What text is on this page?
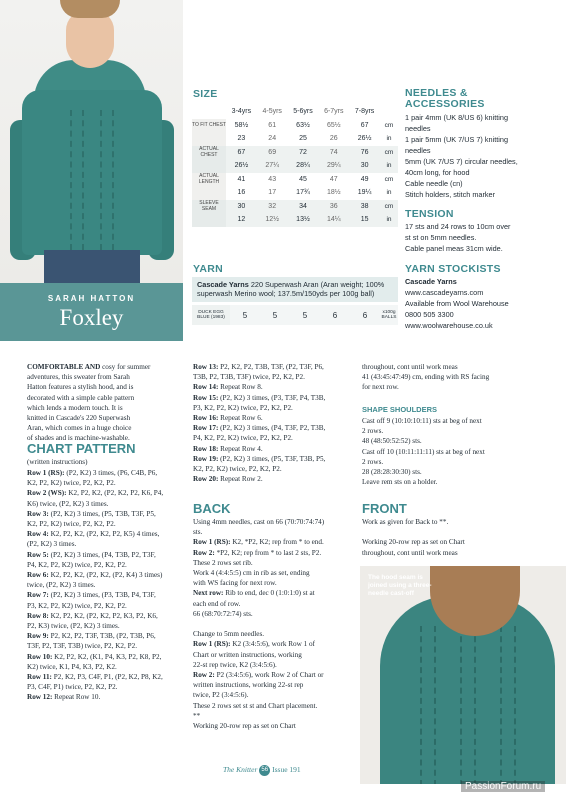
SARAH HATTON
Foxley
SIZE
	3-4yrs	4-5yrs	5-6yrs	6-7yrs	7-8yrs	
TO FIT CHEST	58½	61	63½	65½	67	cm
	23	24	25	26	26½	in
ACTUAL CHEST	67	69	72	74	76	cm
	26½	27¼	28¼	29¼	30	in
ACTUAL LENGTH	41	43	45	47	49	cm
	16	17	17¾	18½	19¼	in
SLEEVE SEAM	30	32	34	36	38	cm
	12	12½	13½	14¼	15	in
YARN
Cascade Yarns 220 Superwash Aran (Aran weight; 100% superwash Merino wool; 137.5m/150yds per 100g ball)
DUCK EGG BLUE (1983)	5	5	5	6	6	x100g BALLS
NEEDLES &
ACCESSORIES
1 pair 4mm (UK 8/US 6) knitting
needles
1 pair 5mm (UK 7/US 7) knitting
needles
5mm (UK 7/US 7) circular needles,
40cm long, for hood
Cable needle (cn)
Stitch holders, stitch marker
TENSION
17 sts and 24 rows to 10cm over
st st on 5mm needles.
Cable panel meas 31cm wide.
YARN STOCKISTS
Cascade Yarns
www.cascadeyarns.com
Available from Wool Warehouse
0800 505 3300
www.woolwarehouse.co.uk
COMFORTABLE AND cosy for summer
adventures, this sweater from Sarah
Hatton features a stylish hood, and is
decorated with a simple cable pattern
which lends a modern touch. It is
knitted in Cascade's 220 Superwash
Aran, which comes in a huge choice
of shades and is machine-washable.
CHART PATTERN
(written instructions)
Row 1 (RS): (P2, K2) 3 times, (P6, C4B, P6,
K2, P2, K2) twice, P2, K2, P2.
Row 2 (WS): K2, P2, K2, (P2, K2, P2, K6, P4,
K6) twice, (P2, K2) 3 times.
Row 3: (P2, K2) 3 times, (P5, T3B, T3F, P5,
K2, P2, K2) twice, P2, K2, P2.
Row 4: K2, P2, K2, (P2, K2, P2, K5) 4 times,
(P2, K2) 3 times.
Row 5: (P2, K2) 3 times, (P4, T3B, P2, T3F,
P4, K2, P2, K2) twice, P2, K2, P2.
Row 6: K2, P2, K2, (P2, K2, (P2, K4) 3 times)
twice, (P2, K2) 3 times.
Row 7: (P2, K2) 3 times, (P3, T3B, P4, T3F,
P3, K2, P2, K2) twice, P2, K2, P2.
Row 8: K2, P2, K2, (P2, K2, P2, K3, P2, K6,
P2, K3) twice, (P2, K2) 3 times.
Row 9: P2, K2, P2, T3F, T3B, (P2, T3B, P6,
T3F, P2, T3F, T3B) twice, P2, K2, P2.
Row 10: K2, P2, K2, (K1, P4, K3, P2, K8, P2,
K2) twice, K1, P4, K3, P2, K2.
Row 11: P2, K2, P3, C4F, P1, (P2, K2, P8, K2,
P3, C4F, P1) twice, P2, K2, P2.
Row 12: Repeat Row 10.
Row 13: P2, K2, P2, T3B, T3F, (P2, T3F, P6,
T3B, P2, T3B, T3F) twice, P2, K2, P2.
Row 14: Repeat Row 8.
Row 15: (P2, K2) 3 times, (P3, T3F, P4, T3B,
P3, K2, P2, K2) twice, P2, K2, P2.
Row 16: Repeat Row 6.
Row 17: (P2, K2) 3 times, (P4, T3F, P2, T3B,
P4, K2, P2, K2) twice, P2, K2, P2.
Row 18: Repeat Row 4.
Row 19: (P2, K2) 3 times, (P5, T3F, T3B, P5,
K2, P2, K2) twice, P2, K2, P2.
Row 20: Repeat Row 2.
BACK
Using 4mm needles, cast on 66 (70:70:74:74)
sts.
Row 1 (RS): K2, *P2, K2; rep from * to end.
Row 2: *P2, K2; rep from * to last 2 sts, P2.
These 2 rows set rib.
Work 4 (4:4:5:5) cm in rib as set, ending
with WS facing for next row.
Next row: Rib to end, dec 0 (1:0:1:0) st at
each end of row.
66 (68:70:72:74) sts.
Change to 5mm needles.
Row 1 (RS): K2 (3:4:5:6), work Row 1 of
Chart or written instructions, working
22-st rep twice, K2 (3:4:5:6).
Row 2: P2 (3:4:5:6), work Row 2 of Chart or
written instructions, working 22-st rep
twice, P2 (3:4:5:6).
These 2 rows set st st and Chart placement.
**
Working 20-row rep as set on Chart
throughout, cont until work meas
41 (43:45:47:49) cm, ending with RS facing
for next row.
SHAPE SHOULDERS
Cast off 9 (10:10:10:11) sts at beg of next
2 rows.
48 (48:50:52:52) sts.
Cast off 10 (10:11:11:11) sts at beg of next
2 rows.
28 (28:28:30:30) sts.
Leave rem sts on a holder.
FRONT
Work as given for Back to **.
Working 20-row rep as set on Chart
throughout, cont until work meas
The hood seam is joined using a three-needle cast-off
The Knitter 56 Issue 191
PassionForum.ru
